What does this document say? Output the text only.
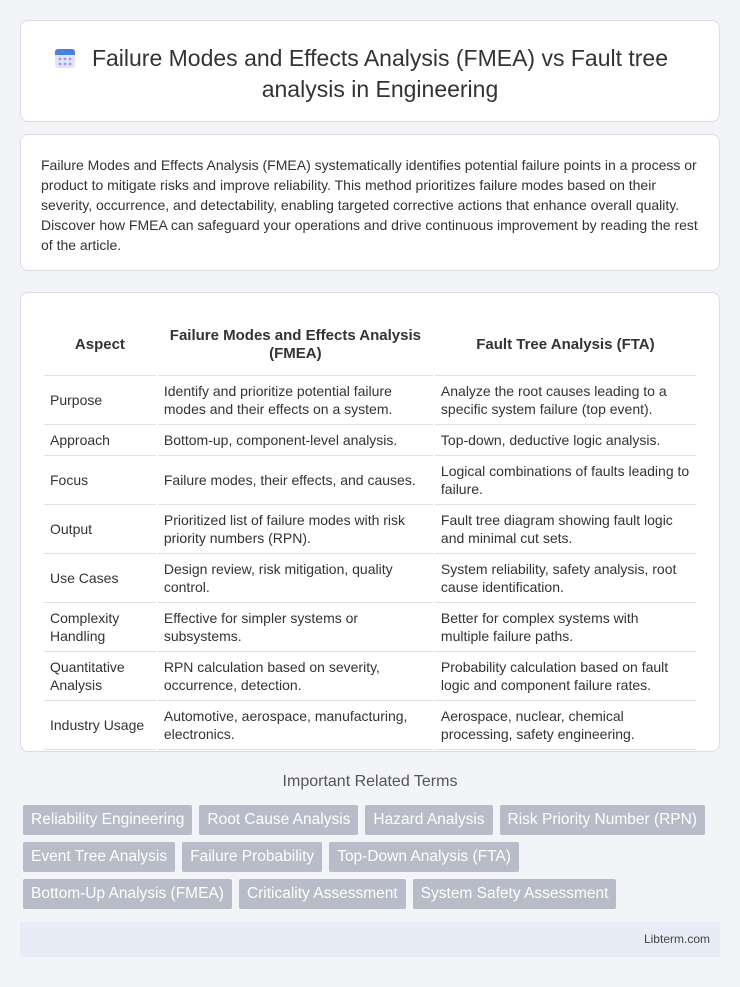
Failure Modes and Effects Analysis (FMEA) vs Fault tree analysis in Engineering

Failure Modes and Effects Analysis (FMEA) systematically identifies potential failure points in a process or product to mitigate risks and improve reliability. This method prioritizes failure modes based on their severity, occurrence, and detectability, enabling targeted corrective actions that enhance overall quality. Discover how FMEA can safeguard your operations and drive continuous improvement by reading the rest of the article.

Aspect	Failure Modes and Effects Analysis (FMEA)	Fault Tree Analysis (FTA)
Purpose	Identify and prioritize potential failure modes and their effects on a system.	Analyze the root causes leading to a specific system failure (top event).
Approach	Bottom-up, component-level analysis.	Top-down, deductive logic analysis.
Focus	Failure modes, their effects, and causes.	Logical combinations of faults leading to failure.
Output	Prioritized list of failure modes with risk priority numbers (RPN).	Fault tree diagram showing fault logic and minimal cut sets.
Use Cases	Design review, risk mitigation, quality control.	System reliability, safety analysis, root cause identification.
Complexity Handling	Effective for simpler systems or subsystems.	Better for complex systems with multiple failure paths.
Quantitative Analysis	RPN calculation based on severity, occurrence, detection.	Probability calculation based on fault logic and component failure rates.
Industry Usage	Automotive, aerospace, manufacturing, electronics.	Aerospace, nuclear, chemical processing, safety engineering.
Important Related Terms
Reliability Engineering	Root Cause Analysis	Hazard Analysis	Risk Priority Number (RPN)
Event Tree Analysis	Failure Probability	Top-Down Analysis (FTA)
Bottom-Up Analysis (FMEA)	Criticality Assessment	System Safety Assessment
Libterm.com
